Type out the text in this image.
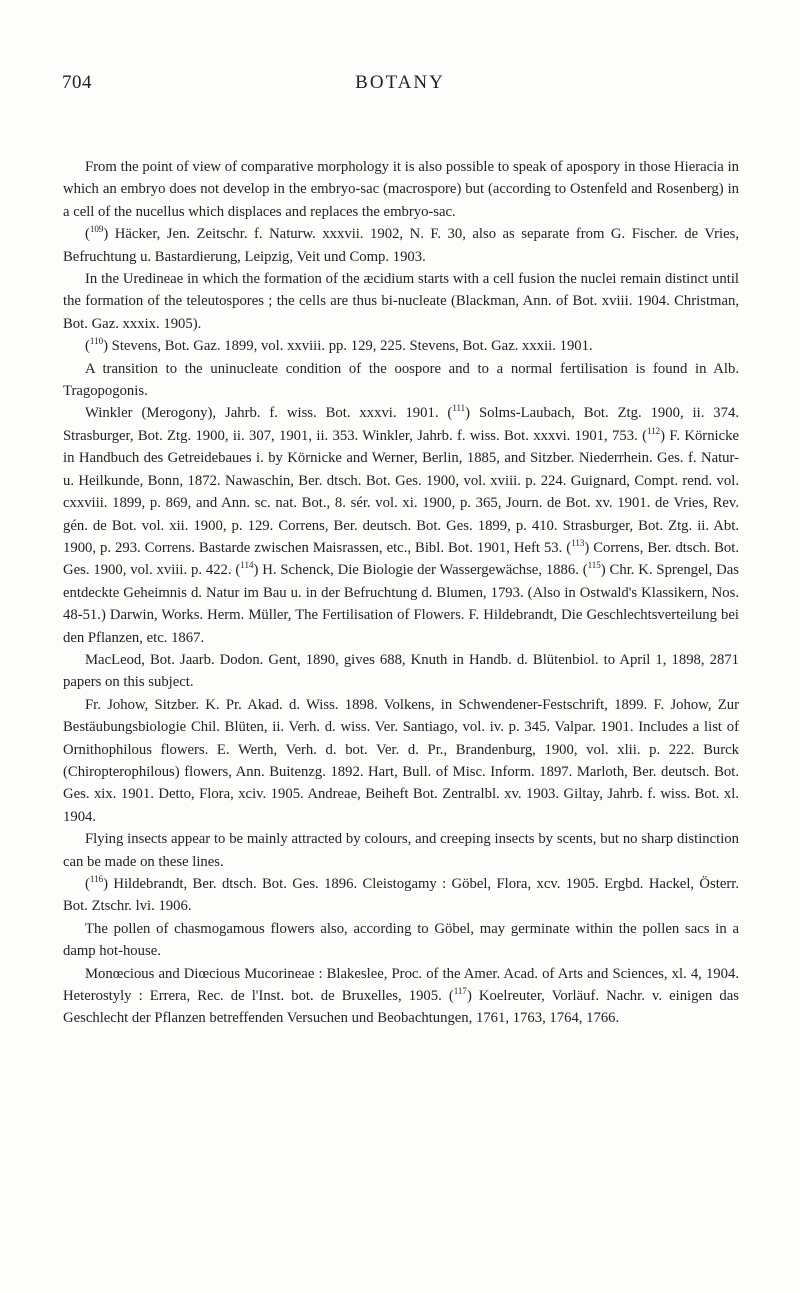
704	BOTANY

From the point of view of comparative morphology it is also possible to speak of apospory in those Hieracia in which an embryo does not develop in the embryo-sac (macrospore) but (according to Ostenfeld and Rosenberg) in a cell of the nucellus which displaces and replaces the embryo-sac.

($^{109}$) Häcker, Jen. Zeitschr. f. Naturw. xxxvii. 1902, N. F. 30, also as separate from G. Fischer. de Vries, Befruchtung u. Bastardierung, Leipzig, Veit und Comp. 1903.

In the Uredineae in which the formation of the æcidium starts with a cell fusion the nuclei remain distinct until the formation of the teleutospores ; the cells are thus bi-nucleate (Blackman, Ann. of Bot. xviii. 1904. Christman, Bot. Gaz. xxxix. 1905).

($^{110}$) Stevens, Bot. Gaz. 1899, vol. xxviii. pp. 129, 225. Stevens, Bot. Gaz. xxxii. 1901.

A transition to the uninucleate condition of the oospore and to a normal fertilisation is found in Alb. Tragopogonis.

Winkler (Merogony), Jahrb. f. wiss. Bot. xxxvi. 1901. ($^{111}$) Solms-Laubach, Bot. Ztg. 1900, ii. 374. Strasburger, Bot. Ztg. 1900, ii. 307, 1901, ii. 353. Winkler, Jahrb. f. wiss. Bot. xxxvi. 1901, 753. ($^{112}$) F. Körnicke in Handbuch des Getreidebaues i. by Körnicke and Werner, Berlin, 1885, and Sitzber. Niederrhein. Ges. f. Natur- u. Heilkunde, Bonn, 1872. Nawaschin, Ber. dtsch. Bot. Ges. 1900, vol. xviii. p. 224. Guignard, Compt. rend. vol. cxxviii. 1899, p. 869, and Ann. sc. nat. Bot., 8. sér. vol. xi. 1900, p. 365, Journ. de Bot. xv. 1901. de Vries, Rev. gén. de Bot. vol. xii. 1900, p. 129. Correns, Ber. deutsch. Bot. Ges. 1899, p. 410. Strasburger, Bot. Ztg. ii. Abt. 1900, p. 293. Correns. Bastarde zwischen Maisrassen, etc., Bibl. Bot. 1901, Heft 53. ($^{113}$) Correns, Ber. dtsch. Bot. Ges. 1900, vol. xviii. p. 422. ($^{114}$) H. Schenck, Die Biologie der Wassergewächse, 1886. ($^{115}$) Chr. K. Sprengel, Das entdeckte Geheimnis d. Natur im Bau u. in der Befruchtung d. Blumen, 1793. (Also in Ostwald's Klassikern, Nos. 48-51.) Darwin, Works. Herm. Müller, The Fertilisation of Flowers. F. Hildebrandt, Die Geschlechtsverteilung bei den Pflanzen, etc. 1867.

MacLeod, Bot. Jaarb. Dodon. Gent, 1890, gives 688, Knuth in Handb. d. Blütenbiol. to April 1, 1898, 2871 papers on this subject.

Fr. Johow, Sitzber. K. Pr. Akad. d. Wiss. 1898. Volkens, in Schwendener-Festschrift, 1899. F. Johow, Zur Bestäubungsbiologie Chil. Blüten, ii. Verh. d. wiss. Ver. Santiago, vol. iv. p. 345. Valpar. 1901. Includes a list of Ornithophilous flowers. E. Werth, Verh. d. bot. Ver. d. Pr., Brandenburg, 1900, vol. xlii. p. 222. Burck (Chiropterophilous) flowers, Ann. Buitenzg. 1892. Hart, Bull. of Misc. Inform. 1897. Marloth, Ber. deutsch. Bot. Ges. xix. 1901. Detto, Flora, xciv. 1905. Andreae, Beiheft Bot. Zentralbl. xv. 1903. Giltay, Jahrb. f. wiss. Bot. xl. 1904.

Flying insects appear to be mainly attracted by colours, and creeping insects by scents, but no sharp distinction can be made on these lines.

($^{116}$) Hildebrandt, Ber. dtsch. Bot. Ges. 1896. Cleistogamy : Göbel, Flora, xcv. 1905. Ergbd. Hackel, Österr. Bot. Ztschr. lvi. 1906.

The pollen of chasmogamous flowers also, according to Göbel, may germinate within the pollen sacs in a damp hot-house.

Monœcious and Diœcious Mucorineae : Blakeslee, Proc. of the Amer. Acad. of Arts and Sciences, xl. 4, 1904. Heterostyly : Errera, Rec. de l'Inst. bot. de Bruxelles, 1905. ($^{117}$) Koelreuter, Vorläuf. Nachr. v. einigen das Geschlecht der Pflanzen betreffenden Versuchen und Beobachtungen, 1761, 1763, 1764, 1766.
